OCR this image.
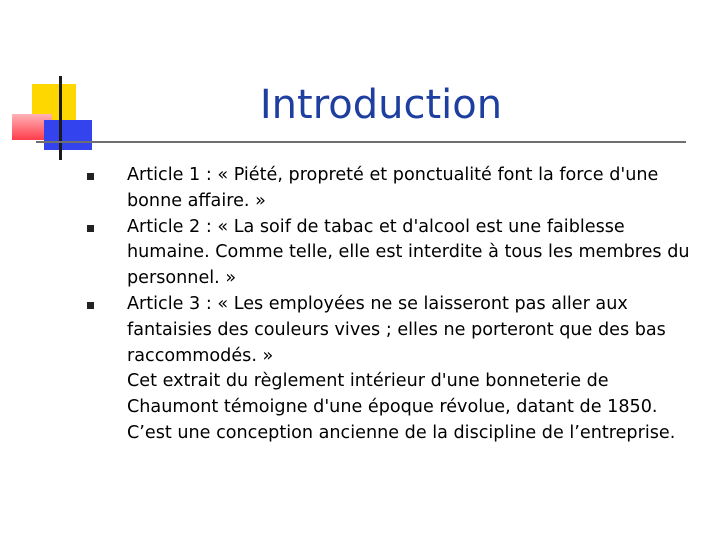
Introduction

Article 1 : « Piété, propreté et ponctualité font la force d'une bonne affaire. »

Article 2 : « La soif de tabac et d'alcool est une faiblesse humaine. Comme telle, elle est interdite à tous les membres du personnel. »

Article 3 : « Les employées ne se laisseront pas aller aux fantaisies des couleurs vives ; elles ne porteront que des bas raccommodés. »

Cet extrait du règlement intérieur d'une bonneterie de Chaumont témoigne d'une époque révolue, datant de 1850. C’est une conception ancienne de la discipline de l’entreprise.
